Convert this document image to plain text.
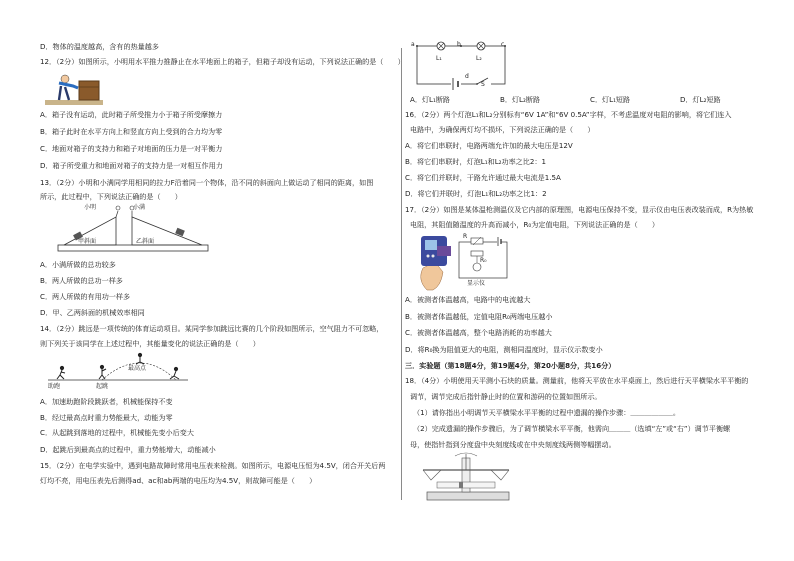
D．物体的温度越高，含有的热量越多
12．（2分）如图所示，小明用水平推力推静止在水平地面上的箱子，但箱子却没有运动，下列说法正确的是（　　）
A．箱子没有运动，此时箱子所受推力小于箱子所受摩擦力
B．箱子此时在水平方向上和竖直方向上受到的合力均为零
C．地面对箱子的支持力和箱子对地面的压力是一对平衡力
D．箱子所受重力和地面对箱子的支持力是一对相互作用力
13．（2分）小明和小满同学用相同的拉力F沿着同一个物体，沿不同的斜面向上做运动了相同的距离，如图
所示，此过程中，下列说法正确的是（　　）
小明	小满
甲斜面	乙斜面
A．小满所做的总功较多
B．两人所做的总功一样多
C．两人所做的有用功一样多
D．甲、乙两斜面的机械效率相同
14．（2分）跳远是一项传统的体育运动项目。某同学参加跳远比赛的几个阶段如图所示，空气阻力不可忽略，
则下列关于该同学在上述过程中，其能量变化的说法正确的是（　　）
最高点
助跑	起跳
A．加速助跑阶段跳跃者，机械能保持不变
B．经过最高点时重力势能最大，动能为零
C．从起跳到落地的过程中，机械能先变小后变大
D．起跳后到最高点的过程中，重力势能增大，动能减小
15．（2分）在电学实验中，遇到电路故障时常用电压表来检测。如图所示，电源电压恒为4.5V，闭合开关后两
灯均不亮，用电压表先后测得ad、ac和ab两端的电压均为4.5V，则故障可能是（　　）
a	b	c
d
L₁	L₂
S
A．灯L₁断路	B．灯L₂断路	C．灯L₁短路	D．灯L₂短路
16．（2分）两个灯泡L₁和L₂分别标有“6V 1A”和“6V 0.5A”字样，不考虑温度对电阻的影响，将它们连入
电路中，为确保两灯均不损坏，下列说法正确的是（　　）
A．将它们串联时，电路两端允许加的最大电压是12V
B．将它们串联时，灯泡L₁和L₂功率之比2：1
C．将它们并联时，干路允许通过最大电流是1.5A
D．将它们并联时，灯泡L₁和L₂功率之比1：2
17．（2分）如图是某体温枪测温仪及它内部的原理图，电源电压保持不变，显示仪由电压表改装而成，R为热敏
电阻，其阻值随温度的升高而减小，R₀为定值电阻，下列说法正确的是（　　）
R
R₀
显示仪
A．被测者体温越高，电路中的电流越大
B．被测者体温越低，定值电阻R₀两端电压越小
C．被测者体温越高，整个电路消耗的功率越大
D．将R₀换为阻值更大的电阻，测相同温度时，显示仪示数变小
三．实验题（第18题4分，第19题4分，第20小题8分，共16分）
18．（4分）小明使用天平测小石块的质量。测量前，他将天平放在水平桌面上，然后进行天平横梁水平平衡的
调节，调节完成后指针静止时的位置和游码的位置如图所示。
（1）请你指出小明调节天平横梁水平平衡的过程中遗漏的操作步骤：＿＿＿＿＿＿。
（2）完成遗漏的操作步骤后，为了调节横梁水平平衡，他需向＿＿＿（选填“左”或“右”）调节平衡螺
母，使指针指到分度盘中央刻度线或在中央刻度线两侧等幅摆动。
